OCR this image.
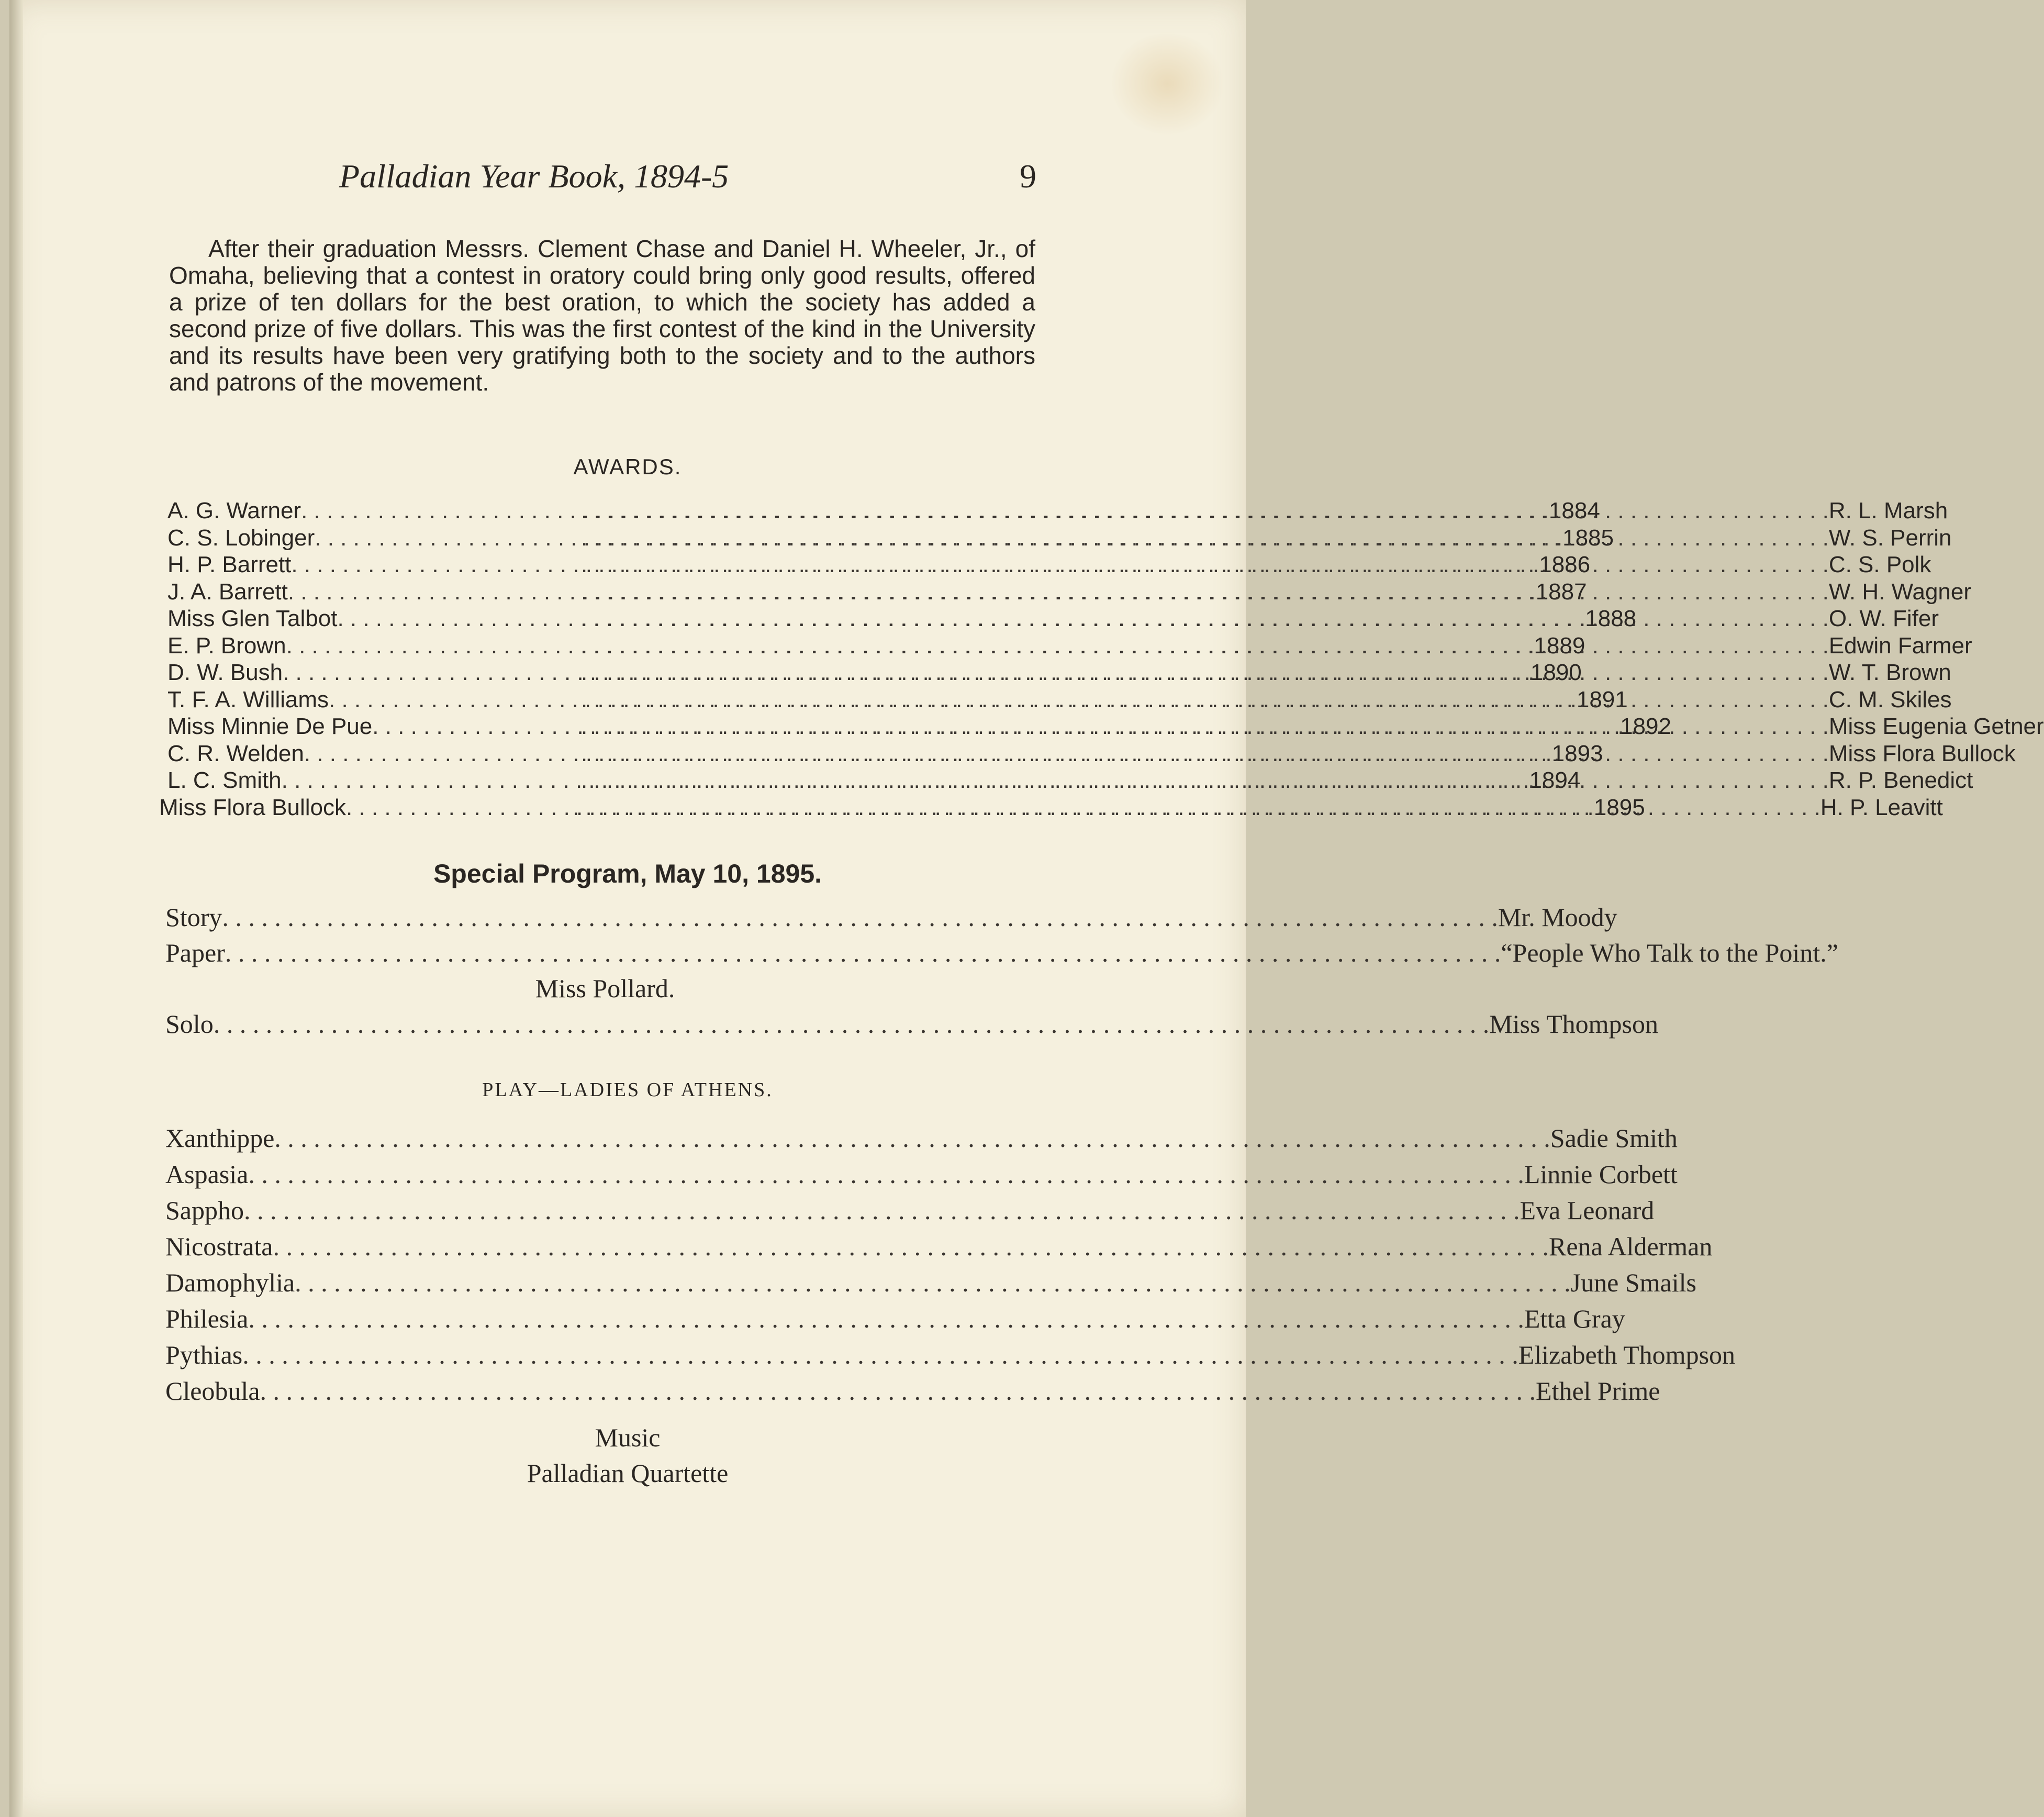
Palladian Year Book, 1894-5	9

After their graduation Messrs. Clement Chase and Daniel H. Wheeler, Jr., of Omaha, believing that a contest in oratory could bring only good results, offered a prize of ten dollars for the best oration, to which the society has added a second prize of five dollars. This was the first contest of the kind in the University and its results have been very gratifying both to the society and to the authors and patrons of the movement.

AWARDS.
A. G. Warner . . .	1884 . . .	R. L. Marsh
C. S. Lobinger . . .	1885 . . .	W. S. Perrin
H. P. Barrett . . .	1886 . . .	C. S. Polk
J. A. Barrett . . .	1887 . . .	W. H. Wagner
Miss Glen Talbot . . .	1888 . . .	O. W. Fifer
E. P. Brown . . .	1889 . . .	Edwin Farmer
D. W. Bush . . .	1890 . . .	W. T. Brown
T. F. A. Williams . . .	1891 . . .	C. M. Skiles
Miss Minnie De Pue . . .	1892 . . .	Miss Eugenia Getner
C. R. Welden . . .	1893 . . .	Miss Flora Bullock
L. C. Smith . . .	1894 . . .	R. P. Benedict
Miss Flora Bullock . . .	1895 . . .	H. P. Leavitt
Special Program, May 10, 1895.
Story . . .	Mr. Moody
Paper . . .	“People Who Talk to the Point.”
Miss Pollard.
Solo . . .	Miss Thompson
PLAY—LADIES OF ATHENS.
Xanthippe . . .	Sadie Smith
Aspasia . . .	Linnie Corbett
Sappho . . .	Eva Leonard
Nicostrata . . .	Rena Alderman
Damophylia . . .	June Smails
Philesia . . .	Etta Gray
Pythias . . .	Elizabeth Thompson
Cleobula . . .	Ethel Prime
Music
Palladian Quartette
